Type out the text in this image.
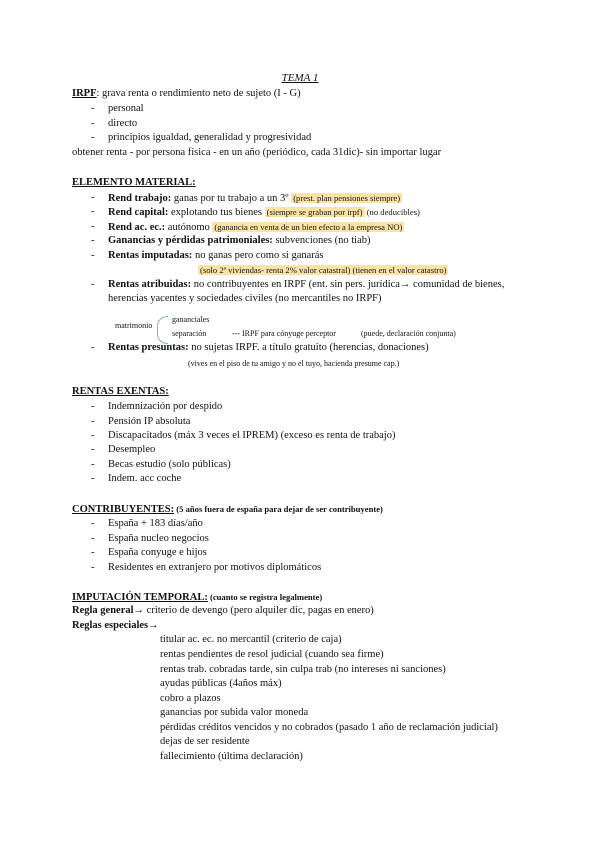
TEMA 1
IRPF: grava renta o rendimiento neto de sujeto (I - G)
- personal
- directo
- principios igualdad, generalidad y progresividad
obtener renta - por persona física - en un año (periódico, cada 31dic)- sin importar lugar
ELEMENTO MATERIAL:
- Rend trabajo: ganas por tu trabajo a un 3º (prest. plan pensiones siempre)
- Rend capital: explotando tus bienes (siempre se graban por irpf) (no deducibles)
- Rend ac. ec.: autónomo (ganancia en venta de un bien efecto a la empresa NO)
- Ganancias y pérdidas patrimoniales: subvenciones (no tiab)
- Rentas imputadas: no ganas pero como si ganarás
(solo 2ª viviendas- renta 2% valor catastral) (tienen en el valor catastro)
- Rentas atribuidas: no contribuyentes en IRPF (ent. sin pers. jurídica→ comunidad de bienes,
herencias yacentes y sociedades civiles (no mercantiles no IRPF)
matrimonio
gananciales
separación	--- IRPF para cónyuge perceptor	(puede, declaración conjunta)
- Rentas presuntas: no sujetas IRPF. a título gratuito (herencias, donaciones)
(vives en el piso de tu amigo y no el tuyo, hacienda presume cap.)
RENTAS EXENTAS:
- Indemnización por despido
- Pensión IP absoluta
- Discapacitados (máx 3 veces el IPREM) (exceso es renta de trabajo)
- Desempleo
- Becas estudio (solo públicas)
- Indem. acc coche
CONTRIBUYENTES: (5 años fuera de españa para dejar de ser contribuyente)
- España + 183 días/año
- España nucleo negocios
- España conyuge e hijos
- Residentes en extranjero por motivos diplomáticos
IMPUTACIÓN TEMPORAL: (cuanto se registra legalmente)
Regla general→ criterio de devengo (pero alquiler dic, pagas en enero)
Reglas especiales→
titular ac. ec. no mercantil (criterio de caja)
rentas pendientes de resol judicial (cuando sea firme)
rentas trab. cobradas tarde, sin culpa trab (no intereses ni sanciones)
ayudas públicas (4años máx)
cobro a plazos
ganancias por subida valor moneda
pérdidas créditos vencidos y no cobrados (pasado 1 año de reclamación judicial)
dejas de ser residente
fallecimiento (última declaración)
